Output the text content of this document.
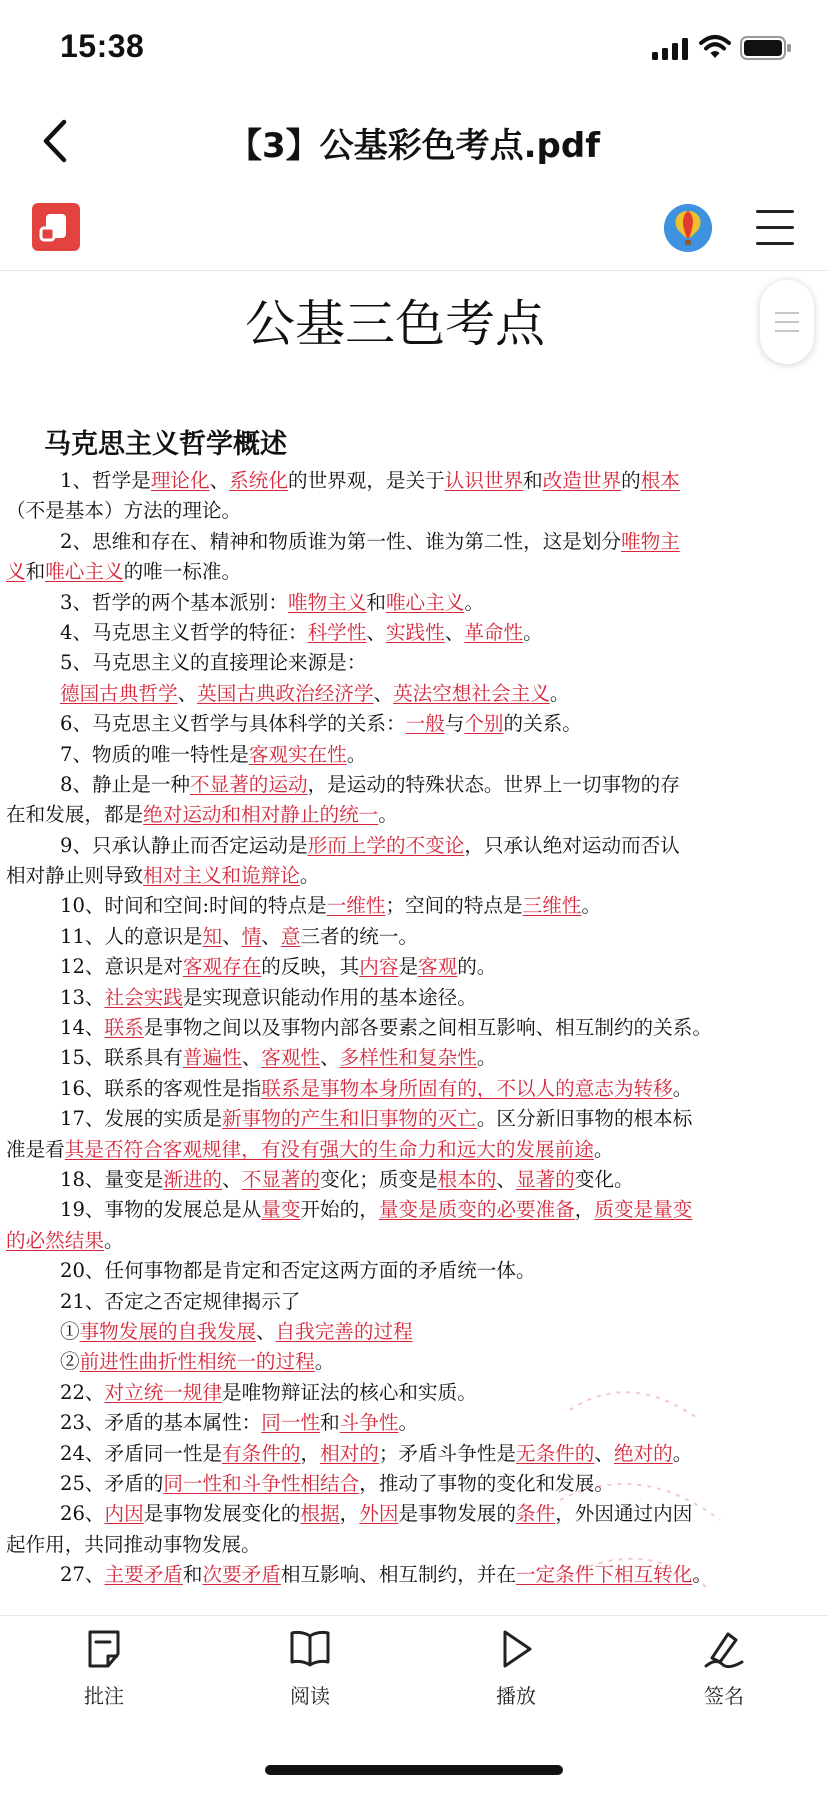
15:38
【3】公基彩色考点.pdf
公基三色考点
马克思主义哲学概述
1、哲学是理论化、系统化的世界观，是关于认识世界和改造世界的根本
（不是基本）方法的理论。
2、思维和存在、精神和物质谁为第一性、谁为第二性，这是划分唯物主
义和唯心主义的唯一标准。
3、哲学的两个基本派别：唯物主义和唯心主义。
4、马克思主义哲学的特征：科学性、实践性、革命性。
5、马克思主义的直接理论来源是：
德国古典哲学、英国古典政治经济学、英法空想社会主义。
6、马克思主义哲学与具体科学的关系：一般与个别的关系。
7、物质的唯一特性是客观实在性。
8、静止是一种不显著的运动，是运动的特殊状态。世界上一切事物的存
在和发展，都是绝对运动和相对静止的统一。
9、只承认静止而否定运动是形而上学的不变论，只承认绝对运动而否认
相对静止则导致相对主义和诡辩论。
10、时间和空间:时间的特点是一维性；空间的特点是三维性。
11、人的意识是知、情、意三者的统一。
12、意识是对客观存在的反映，其内容是客观的。
13、社会实践是实现意识能动作用的基本途径。
14、联系是事物之间以及事物内部各要素之间相互影响、相互制约的关系。
15、联系具有普遍性、客观性、多样性和复杂性。
16、联系的客观性是指联系是事物本身所固有的，不以人的意志为转移。
17、发展的实质是新事物的产生和旧事物的灭亡。区分新旧事物的根本标
准是看其是否符合客观规律，有没有强大的生命力和远大的发展前途。
18、量变是渐进的、不显著的变化；质变是根本的、显著的变化。
19、事物的发展总是从量变开始的，量变是质变的必要准备，质变是量变
的必然结果。
20、任何事物都是肯定和否定这两方面的矛盾统一体。
21、否定之否定规律揭示了
①事物发展的自我发展、自我完善的过程
②前进性曲折性相统一的过程。
22、对立统一规律是唯物辩证法的核心和实质。
23、矛盾的基本属性：同一性和斗争性。
24、矛盾同一性是有条件的，相对的；矛盾斗争性是无条件的、绝对的。
25、矛盾的同一性和斗争性相结合，推动了事物的变化和发展。
26、内因是事物发展变化的根据，外因是事物发展的条件，外因通过内因
起作用，共同推动事物发展。
27、主要矛盾和次要矛盾相互影响、相互制约，并在一定条件下相互转化。
批注	阅读	播放	签名
